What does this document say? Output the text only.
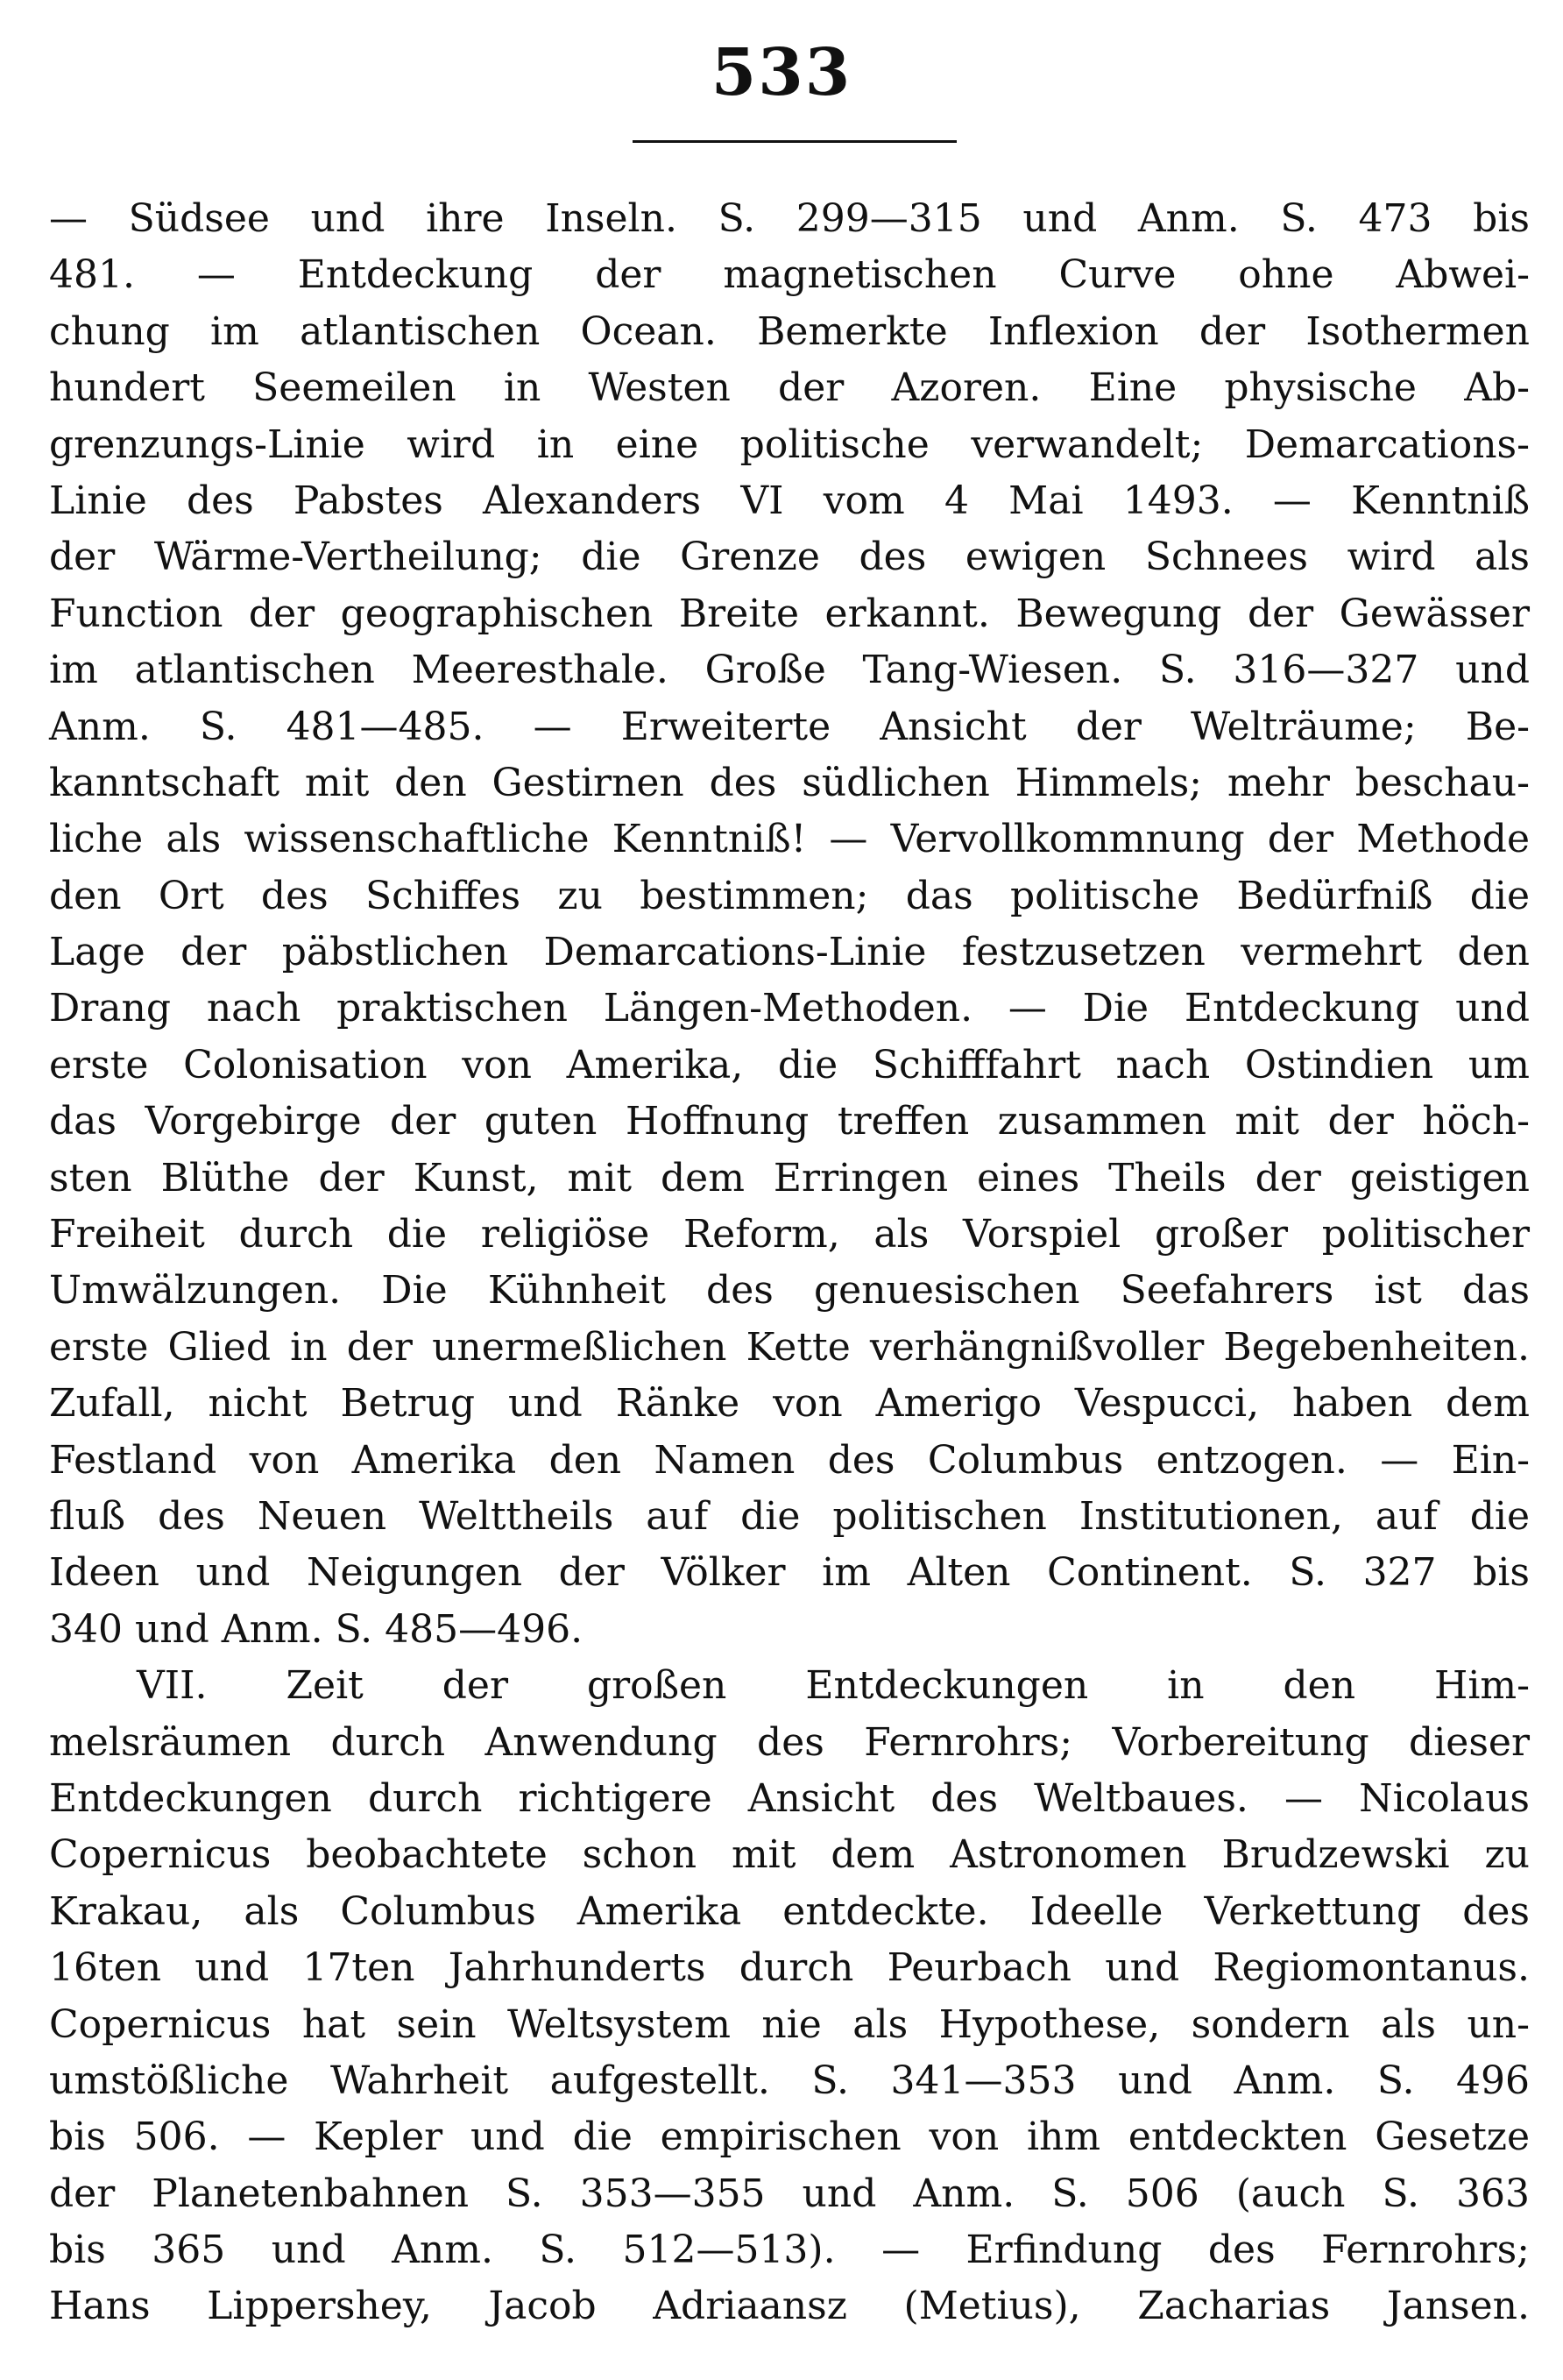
533
— Südsee und ihre Inseln. S. 299—315 und Anm. S. 473 bis
481. — Entdeckung der magnetischen Curve ohne Abwei-
chung im atlantischen Ocean. Bemerkte Inflexion der Isothermen
hundert Seemeilen in Westen der Azoren. Eine physische Ab-
grenzungs-Linie wird in eine politische verwandelt; Demarcations-
Linie des Pabstes Alexanders VI vom 4 Mai 1493. — Kenntniß
der Wärme-Vertheilung; die Grenze des ewigen Schnees wird als
Function der geographischen Breite erkannt. Bewegung der Gewässer
im atlantischen Meeresthale. Große Tang-Wiesen. S. 316—327 und
Anm. S. 481—485. — Erweiterte Ansicht der Welträume; Be-
kanntschaft mit den Gestirnen des südlichen Himmels; mehr beschau-
liche als wissenschaftliche Kenntniß! — Vervollkommnung der Methode
den Ort des Schiffes zu bestimmen; das politische Bedürfniß die
Lage der päbstlichen Demarcations-Linie festzusetzen vermehrt den
Drang nach praktischen Längen-Methoden. — Die Entdeckung und
erste Colonisation von Amerika, die Schifffahrt nach Ostindien um
das Vorgebirge der guten Hoffnung treffen zusammen mit der höch-
sten Blüthe der Kunst, mit dem Erringen eines Theils der geistigen
Freiheit durch die religiöse Reform, als Vorspiel großer politischer
Umwälzungen. Die Kühnheit des genuesischen Seefahrers ist das
erste Glied in der unermeßlichen Kette verhängnißvoller Begebenheiten.
Zufall, nicht Betrug und Ränke von Amerigo Vespucci, haben dem
Festland von Amerika den Namen des Columbus entzogen. — Ein-
fluß des Neuen Welttheils auf die politischen Institutionen, auf die
Ideen und Neigungen der Völker im Alten Continent. S. 327 bis
340 und Anm. S. 485—496.
VII. Zeit der großen Entdeckungen in den Him-
melsräumen durch Anwendung des Fernrohrs; Vorbereitung dieser
Entdeckungen durch richtigere Ansicht des Weltbaues. — Nicolaus
Copernicus beobachtete schon mit dem Astronomen Brudzewski zu
Krakau, als Columbus Amerika entdeckte. Ideelle Verkettung des
16ten und 17ten Jahrhunderts durch Peurbach und Regiomontanus.
Copernicus hat sein Weltsystem nie als Hypothese, sondern als un-
umstößliche Wahrheit aufgestellt. S. 341—353 und Anm. S. 496
bis 506. — Kepler und die empirischen von ihm entdeckten Gesetze
der Planetenbahnen S. 353—355 und Anm. S. 506 (auch S. 363
bis 365 und Anm. S. 512—513). — Erfindung des Fernrohrs;
Hans Lippershey, Jacob Adriaansz (Metius), Zacharias Jansen.
